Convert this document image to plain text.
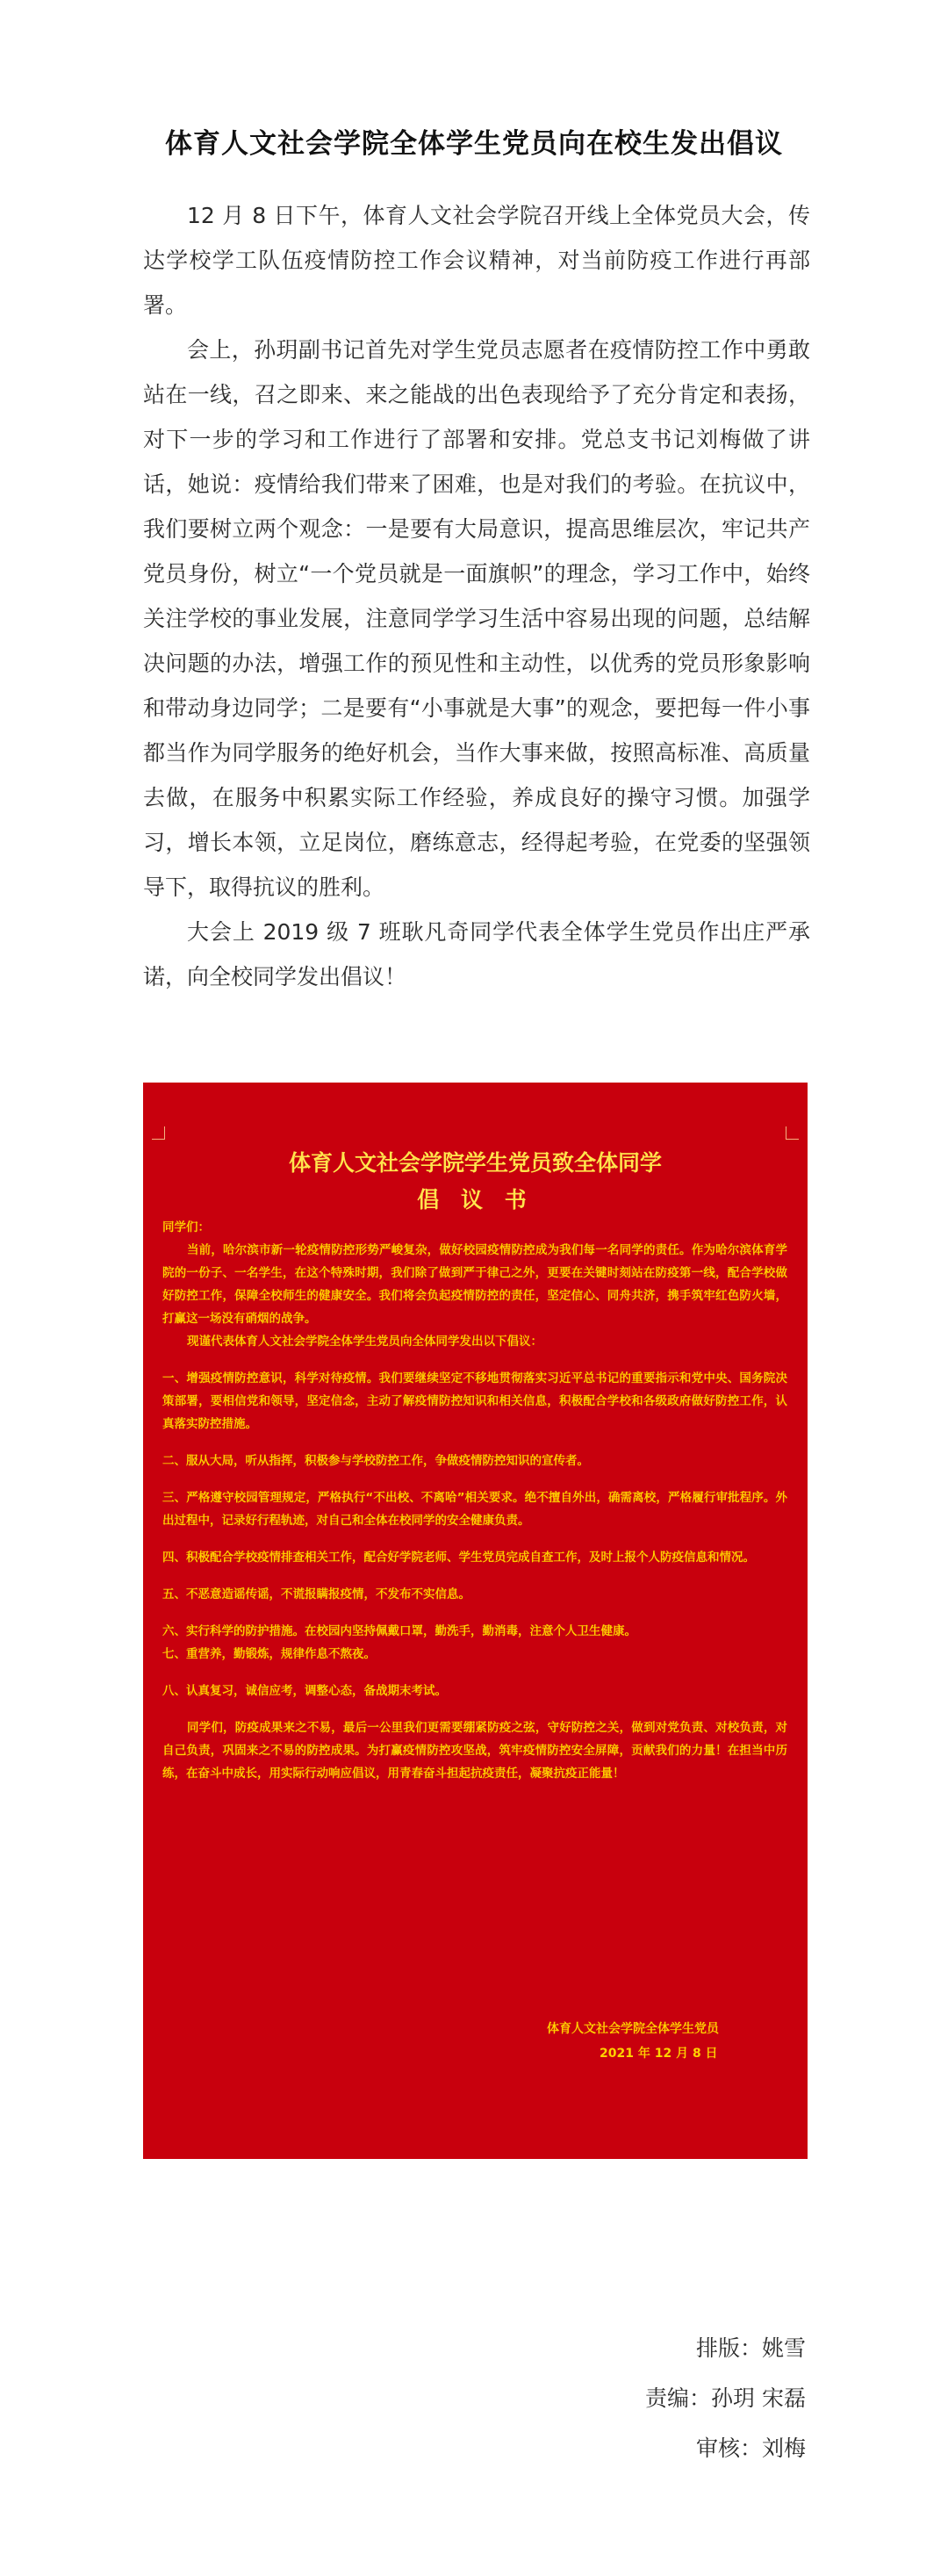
体育人文社会学院全体学生党员向在校生发出倡议

12 月 8 日下午，体育人文社会学院召开线上全体党员大会，传达学校学工队伍疫情防控工作会议精神，对当前防疫工作进行再部署。

会上，孙玥副书记首先对学生党员志愿者在疫情防控工作中勇敢站在一线，召之即来、来之能战的出色表现给予了充分肯定和表扬，对下一步的学习和工作进行了部署和安排。党总支书记刘梅做了讲话，她说：疫情给我们带来了困难，也是对我们的考验。在抗议中，我们要树立两个观念：一是要有大局意识，提高思维层次，牢记共产党员身份，树立“一个党员就是一面旗帜”的理念，学习工作中，始终关注学校的事业发展，注意同学学习生活中容易出现的问题，总结解决问题的办法，增强工作的预见性和主动性，以优秀的党员形象影响和带动身边同学；二是要有“小事就是大事”的观念，要把每一件小事都当作为同学服务的绝好机会，当作大事来做，按照高标准、高质量去做，在服务中积累实际工作经验，养成良好的操守习惯。加强学习，增长本领，立足岗位，磨练意志，经得起考验，在党委的坚强领导下，取得抗议的胜利。

大会上 2019 级 7 班耿凡奇同学代表全体学生党员作出庄严承诺，向全校同学发出倡议！

体育人文社会学院学生党员致全体同学
倡 议 书

同学们：

当前，哈尔滨市新一轮疫情防控形势严峻复杂，做好校园疫情防控成为我们每一名同学的责任。作为哈尔滨体育学院的一份子、一名学生，在这个特殊时期，我们除了做到严于律己之外，更要在关键时刻站在防疫第一线，配合学校做好防控工作，保障全校师生的健康安全。我们将会负起疫情防控的责任，坚定信心、同舟共济，携手筑牢红色防火墙，打赢这一场没有硝烟的战争。

现谨代表体育人文社会学院全体学生党员向全体同学发出以下倡议：

一、增强疫情防控意识，科学对待疫情。我们要继续坚定不移地贯彻落实习近平总书记的重要指示和党中央、国务院决策部署，要相信党和领导，坚定信念，主动了解疫情防控知识和相关信息，积极配合学校和各级政府做好防控工作，认真落实防控措施。

二、服从大局，听从指挥，积极参与学校防控工作，争做疫情防控知识的宣传者。

三、严格遵守校园管理规定，严格执行“不出校、不离哈”相关要求。绝不擅自外出，确需离校，严格履行审批程序。外出过程中，记录好行程轨迹，对自己和全体在校同学的安全健康负责。

四、积极配合学校疫情排查相关工作，配合好学院老师、学生党员完成自查工作，及时上报个人防疫信息和情况。

五、不恶意造谣传谣，不谎报瞒报疫情，不发布不实信息。

六、实行科学的防护措施。在校园内坚持佩戴口罩，勤洗手，勤消毒，注意个人卫生健康。

七、重营养，勤锻炼，规律作息不熬夜。

八、认真复习，诚信应考，调整心态，备战期末考试。

同学们，防疫成果来之不易，最后一公里我们更需要绷紧防疫之弦，守好防控之关，做到对党负责、对校负责，对自己负责，巩固来之不易的防控成果。为打赢疫情防控攻坚战，筑牢疫情防控安全屏障，贡献我们的力量！在担当中历练，在奋斗中成长，用实际行动响应倡议，用青春奋斗担起抗疫责任，凝聚抗疫正能量！

体育人文社会学院全体学生党员
2021 年 12 月 8 日
排版：姚雪
责编：孙玥 宋磊
审核：刘梅
